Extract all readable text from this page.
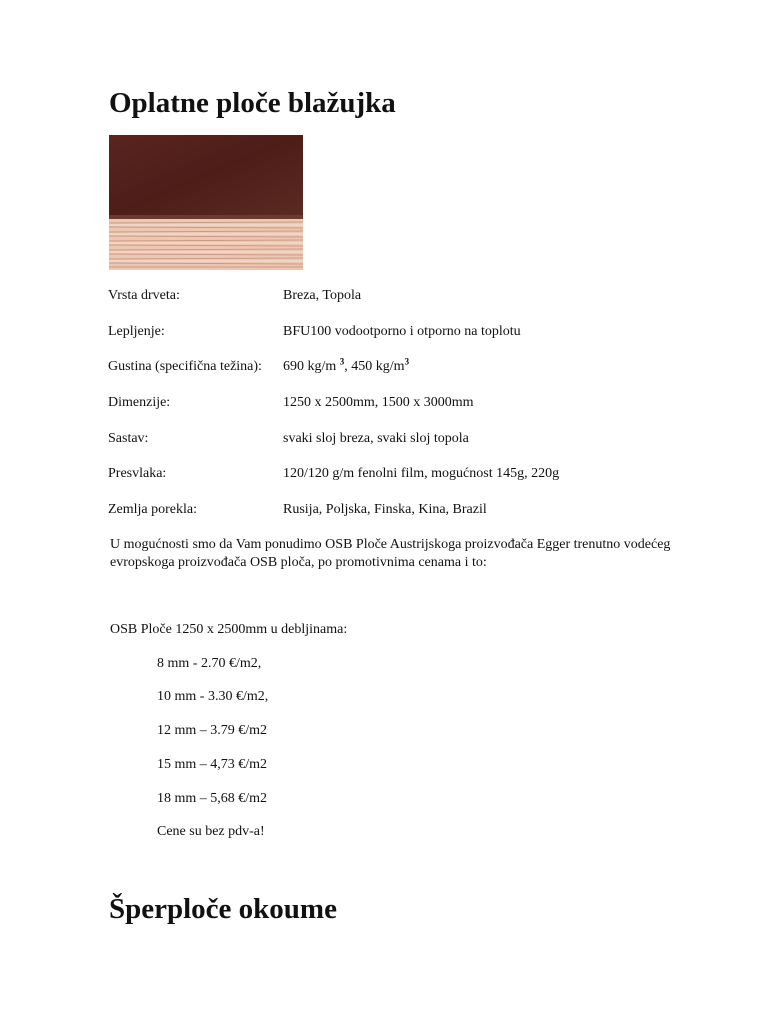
Oplatne ploče blažujka
Vrsta drveta:	Breza, Topola
Lepljenje:	BFU100 vodootporno i otporno na toplotu
Gustina (specifična težina): 690 kg/m $^3$, 450 $kg/m^3$
Dimenzije:	1250 x 2500mm, 1500 x 3000mm
Sastav:	svaki sloj breza, svaki sloj topola
Presvlaka:	120/120 g/m fenolni film, mogućnost 145g, 220g
Zemlja porekla:	Rusija, Poljska, Finska, Kina, Brazil

U mogućnosti smo da Vam ponudimo OSB Ploče Austrijskoga proizvođača Egger trenutno vodećeg evropskoga proizvođača OSB ploča, po promotivnima cenama i to:

OSB Ploče 1250 x 2500mm u debljinama:

8 mm - 2.70 €/m2,
10 mm - 3.30 €/m2,
12 mm – 3.79 €/m2
15 mm – 4,73 €/m2
18 mm – 5,68 €/m2
Cene su bez pdv-a!
Šperploče okoume
